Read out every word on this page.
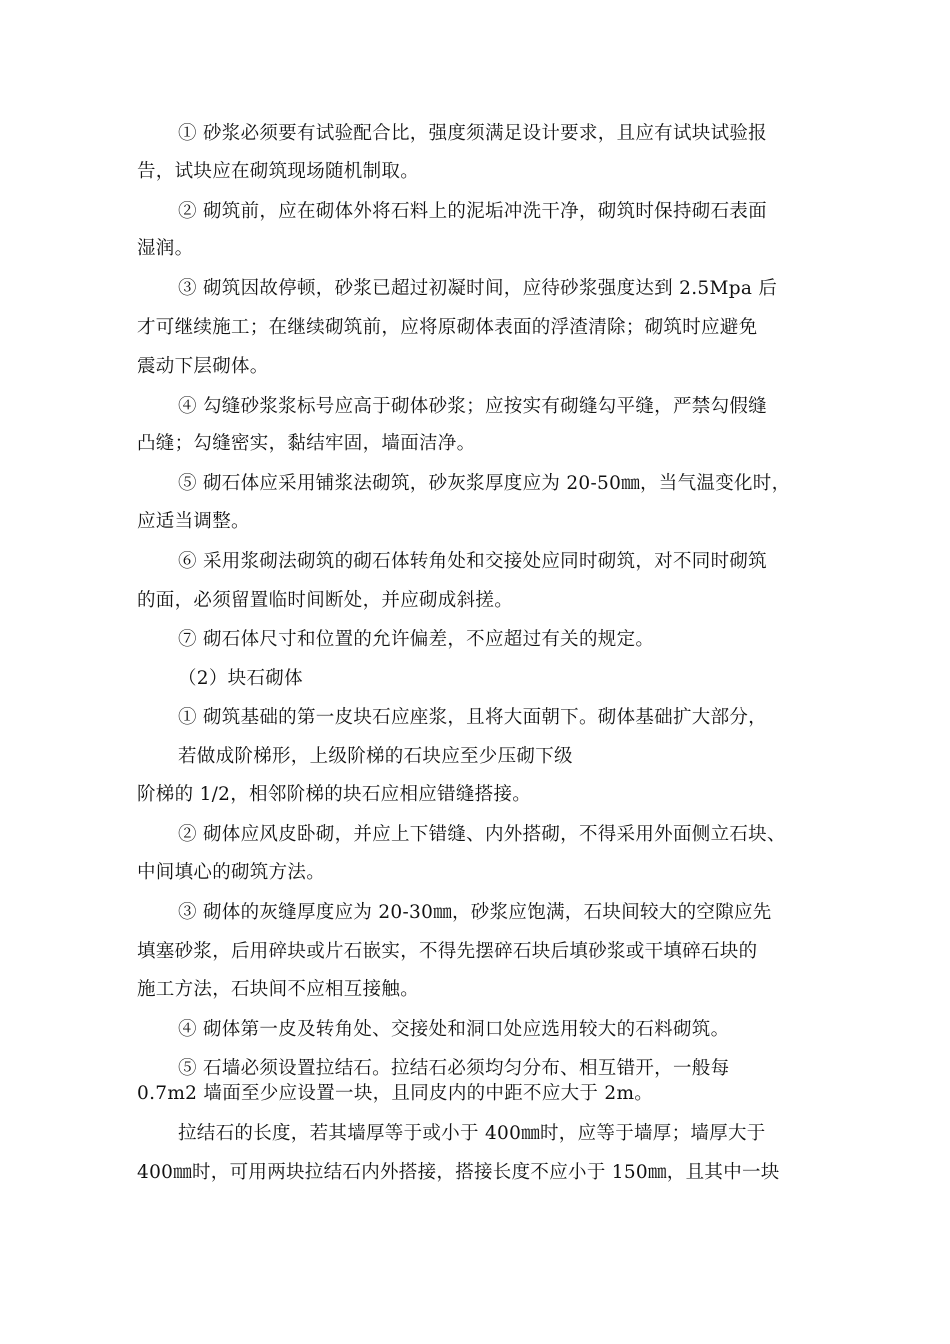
① 砂浆必须要有试验配合比，强度须满足设计要求，且应有试块试验报
告，试块应在砌筑现场随机制取。
② 砌筑前，应在砌体外将石料上的泥垢冲洗干净，砌筑时保持砌石表面
湿润。
③ 砌筑因故停顿，砂浆已超过初凝时间，应待砂浆强度达到 2.5Mpa 后
才可继续施工；在继续砌筑前，应将原砌体表面的浮渣清除；砌筑时应避免
震动下层砌体。
④ 勾缝砂浆浆标号应高于砌体砂浆；应按实有砌缝勾平缝，严禁勾假缝
凸缝；勾缝密实，黏结牢固，墙面洁净。
⑤ 砌石体应采用铺浆法砌筑，砂灰浆厚度应为 20-50㎜，当气温变化时，
应适当调整。
⑥ 采用浆砌法砌筑的砌石体转角处和交接处应同时砌筑，对不同时砌筑
的面，必须留置临时间断处，并应砌成斜搓。
⑦ 砌石体尺寸和位置的允许偏差，不应超过有关的规定。
（2）块石砌体
① 砌筑基础的第一皮块石应座浆，且将大面朝下。砌体基础扩大部分，
若做成阶梯形，上级阶梯的石块应至少压砌下级
阶梯的 1/2，相邻阶梯的块石应相应错缝搭接。
② 砌体应风皮卧砌，并应上下错缝、内外搭砌，不得采用外面侧立石块、
中间填心的砌筑方法。
③ 砌体的灰缝厚度应为 20-30㎜，砂浆应饱满，石块间较大的空隙应先
填塞砂浆，后用碎块或片石嵌实，不得先摆碎石块后填砂浆或干填碎石块的
施工方法，石块间不应相互接触。
④ 砌体第一皮及转角处、交接处和洞口处应选用较大的石料砌筑。
⑤ 石墙必须设置拉结石。拉结石必须均匀分布、相互错开，一般每
0.7m2 墙面至少应设置一块，且同皮内的中距不应大于 2m。
拉结石的长度，若其墙厚等于或小于 400㎜时，应等于墙厚；墙厚大于
400㎜时，可用两块拉结石内外搭接，搭接长度不应小于 150㎜，且其中一块
